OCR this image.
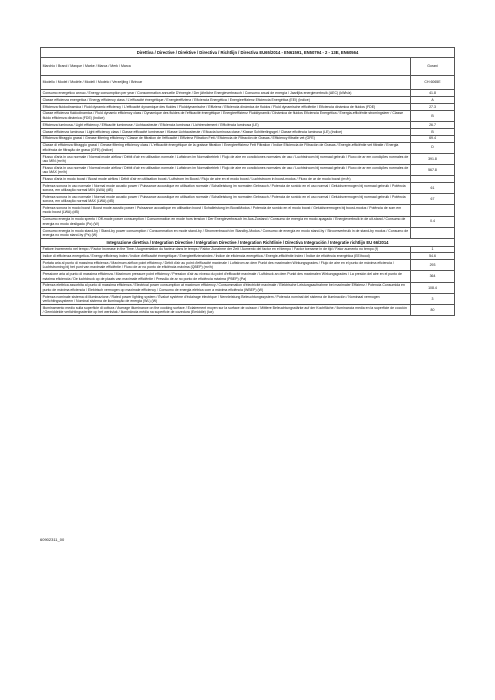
Direttiva / Directive / Direktive / Directiva / Richtlijn / Directiva EU65/2014 - EN61591, EN50794 - 2 - 13E, EN60564	
Marchio / Brand / Marque / Marke / Marca / Merk / Marca	Gorani
Modello / Model / Modèle / Modell / Modelo / Verzeijling / Brincar	CH 6065E
Consumo energetico annuo / Energy consumption per year / Consommation annuelle D'énergie / Der jährliche Energieverbrauch / Consumo anual de energía / Jaarlijks energieverbruik (AEC) (kWh/a)	41.8
Classe efficienza energetica / Energy efficiency class / L'efficacité énergétique / Energieeffizienz / Eficiencia Energética / Energieeffizienz Eficiencia Energética (EEI) (Indice)	A
Efficienza fluidodinamica / Fluid dynamic efficiency / L'efficacité dynamique des fluides / Fluiddynamische / Effizienz / Eficiencia dinámica de fluidos / Fluid dynamische efficiëntie / Eficiencia dinámica de fluidos (FDE)	27.3
Classe efficienza fluidodinamica / Fluid dynamic efficiency class / Dynamique des fluides de l'efficacité énergétique / Energieeffizienz Fluiddynamik / Dinámica de fluidos Eficiencia Energética / Energia-efficiëntie stromingsleer / Classe fluido efficienza dinámica (FDE) (Indice)	B
Efficienza luminosa / Light efficiency / Efficacité lumineuse / Lichtausbeute / Eficiencia luminosa / Lichtrendement / Efficiência luminosa (LE)	26.7
Classe efficienza luminosa / Light efficiency class / Classe efficacité lumineuse / Klasse Lichtausbeute / Eficacia luminosa clase / Klasse Schitterlingsgel / Classe eficiência luminosa (LE) (Indice)	B
Efficienza filtraggio grassi / Grease filtering efficiency / Classe de filtration de l'efficacité / Effizienz Filtration Fett / Eficiencia de Filtración de Grasas / Efficiency filtratie vet (GFE)	69.4
Classe di efficienza filtraggio grassi / Grease filtering efficiency class / L'efficacité énergétique de la graisse filtration / Energieeffizienz Fett Filtration / Índice Eficiencia de Filtración de Grasas / Energie-efficiëntie vet filtratie / Energia eficiência de filtração de grasa (GFE) (Indice)	D
Flusso d'aria in uso normale / Normal mode airflow / Débit d'air en utilisation normale / Luftstrom im Normalbetrieb / Flujo de aire en condiciones normales de uso / Luchtstroom bij normaal gebruik / Fluxo de ar em condições normales de uso MIN (m³/h)	391.8
Flusso d'aria in uso normale / Normal mode airflow / Débit d'air en utilisation normale / Luftstrom im Normalbetrieb / Flujo de aire en condiciones normales de uso / Luchtstroom bij normaal gebruik / Fluxo de ar em condições normales de uso MAX (m³/h)	567.8
Flusso d'aria in modo boost / Boost mode airflow / Débit d'air en utilisation boost / Luftstrom im Boost / Flujo de aire en el modo boost / Luchtstroom in boost-modus / Fluxo de ar de modo boost (m³/h)	
Potenza sonora in uso normale / Normal mode acustic power / Puissance acoustique en utilisation normale / Schalleistung im normalen Gebrauch / Potencia de sonido en el uso normal / Geluidsvermogen bij normaal gebruik / Potência sonora, em utilização normal MIN (LWA) (dB)	61
Potenza sonora in uso normale / Normal mode acustic power / Puissance acoustique en utilisation normale / Schalleistung im normalen Gebrauch / Potencia de sonido en el uso normal / Geluidsvermogen bij normaal gebruik / Potência sonora, em utilização normal MAX (LWA) (dB)	67
Potenza sonora in modo boost / Boost mode acustic power / Puissance acoustique en utilisation boost / Schalleistung im BoostModus / Potencia de sonido en el modo boost / Geluidsvermogen bij boost-modus / Potência de som em modo boost (LWA) (dB)	
Consumo energia in modo spento / Off-mode power consumption / Consommation en mode hors tension / Der Energieverbrauch im Aus-Zustand / Consumo de energía en modo apagado / Energieverbruik in de uit-stand / Consumo de energia no modo desligado (Po) (W)	0.4
Consumo energia in modo stand-by / Stand-by power consumption / Consommation en mode stand-by / Stromverbrauch im Standby-Modus / Consumo de energía en modo stand-by / Stroomverbruik in de stand-by modus / Consumo de energia no modo stand-by (Ps) (W)	
Integrazione direttiva / Integration Directive / Intégration Directive / Integration Richtlinie / Directiva Integración / Integratie richtlijn EU 66/2014	
Fattore Incremento nel tempo / Factor Increase in the Time / Augmentation du facteur dans le temps / Faktor Zunahme der Zeit / Aumento del factor en el tiempo / Factor toename in de tijd / Fator aumento no tempo (f)	1
Indice di efficienza energetica / Energy efficiency index / Indice d'efficacité énergétique / Energieeffizienzindex / Índice de eficiencia energética / Energie-efficiëntie Index / Índice de eficiência energética (EEIhood)	54.6
Portata aria al punto di massima efficienza / Maximum airflow point efficiency / Débit d'air au point d'efficacité maximale / Luftstrom an dem Punkt des maximalen Wirkungsgrades / Flujo de aire en el punto de máxima eficiencia / Luchtstroming bij het punt van maximale efficiëntie / Fluxo de ar no ponto de eficiência máxima (QBEP) (m³/h)	293
Pressione aria al punto di massima efficienza / Maximum pressure point efficiency / Pression d'air au niveau du point d'efficacité maximale / Luftdruck an dem Punkt des maximalen Wirkungsgrades / La presión del aire en el punto de máxima eficiencia / De luchtdruck op de plaats van maximale efficiëntie / Pressão de ar no ponto de eficiência máxima (PBEP) (Pa)	364
Potenza elettrica assorbita al punto di massima efficienza / Electrical power consumption at maximum efficiency / Consommation d'électricité maximale / Elektrische Leistungsaufnahme bei maximaler Effizienz / Potencia Consumida en punto de máxima eficiencia / Elektrisch vermogen op maximale efficiency / Consumo de energia elétrica com a máxima eficiência (WBEP) (W)	108.4
Potenza nominale sistema di illuminazione / Rated power lighting system / Évalué système d'éclairage électrique / Nennleistung Beleuchtungssystem / Potencia nominal del sistema de iluminación / Nominaal vermogen verlichtingssysteem / Nominal sistema de iluminação de energia (WL) (W)	3
Illuminamento medio sulla superficie di cottura / Average illuminance on the cooking surface / Eclairement moyen sur la surface de cuisson / Mittlere Beleuchtungsstärke auf der Kochfläche / Iluminancia media en la superficie de cocción / Gemiddelde verlichtingssterkte op het werkvlak / Iluminância média na superficie de cozedura (Emiddle) (lux)	80
60902311_00
